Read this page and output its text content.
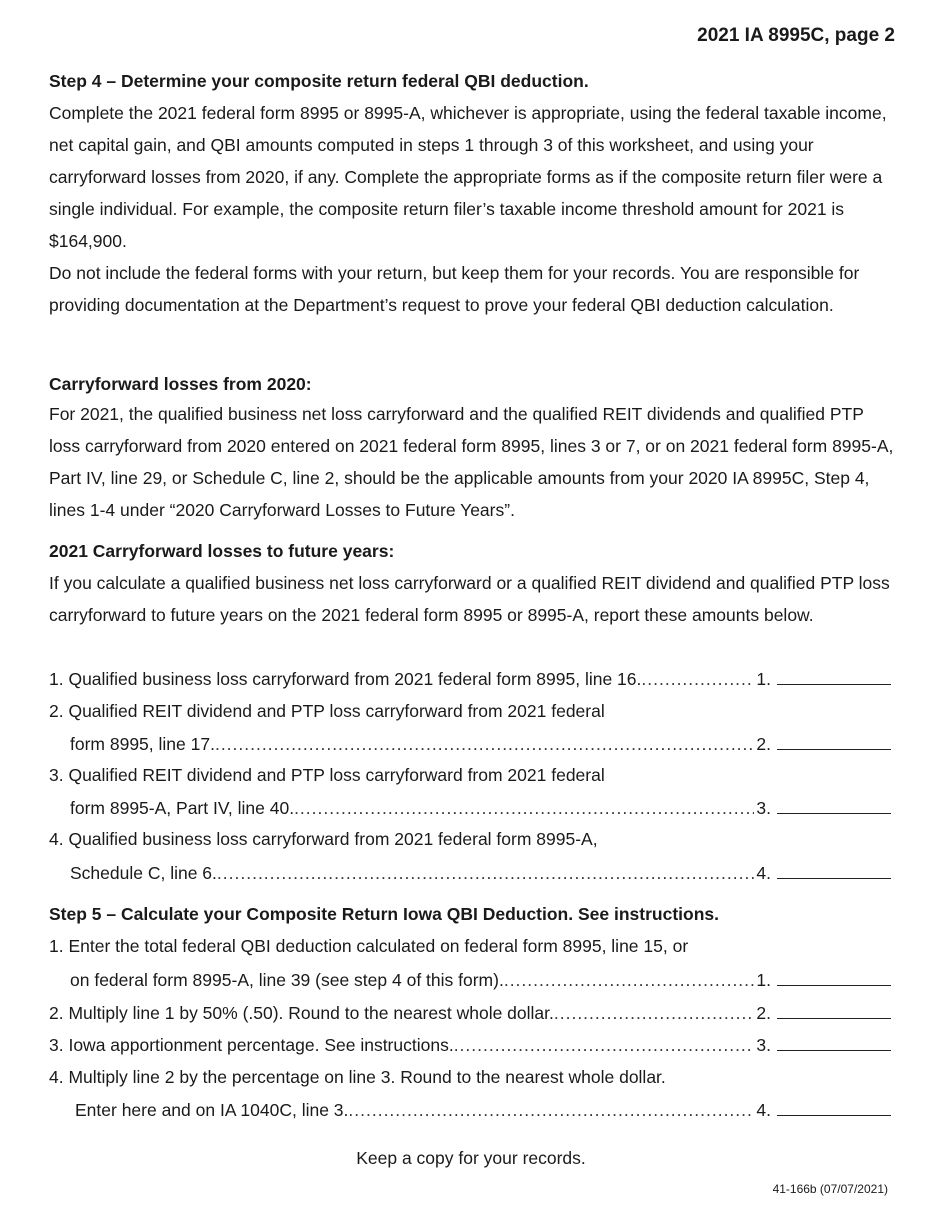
2021 IA 8995C, page 2
Step 4 – Determine your composite return federal QBI deduction.
Complete the 2021 federal form 8995 or 8995-A, whichever is appropriate, using the federal taxable income, net capital gain, and QBI amounts computed in steps 1 through 3 of this worksheet, and using your carryforward losses from 2020, if any. Complete the appropriate forms as if the composite return filer were a single individual. For example, the composite return filer’s taxable income threshold amount for 2021 is $164,900.
Do not include the federal forms with your return, but keep them for your records. You are responsible for providing documentation at the Department’s request to prove your federal QBI deduction calculation.
Carryforward losses from 2020:
For 2021, the qualified business net loss carryforward and the qualified REIT dividends and qualified PTP loss carryforward from 2020 entered on 2021 federal form 8995, lines 3 or 7, or on 2021 federal form 8995-A, Part IV, line 29, or Schedule C, line 2, should be the applicable amounts from your 2020 IA 8995C, Step 4, lines 1-4 under “2020 Carryforward Losses to Future Years”.
2021 Carryforward losses to future years:
If you calculate a qualified business net loss carryforward or a qualified REIT dividend and qualified PTP loss carryforward to future years on the 2021 federal form 8995 or 8995-A, report these amounts below.
1. Qualified business loss carryforward from 2021 federal form 8995, line 16. .....	1.
2. Qualified REIT dividend and PTP loss carryforward from 2021 federal
form 8995, line 17. .....	2.
3. Qualified REIT dividend and PTP loss carryforward from 2021 federal
form 8995-A, Part IV, line 40. .....	3.
4. Qualified business loss carryforward from 2021 federal form 8995-A,
Schedule C, line 6. .....	4.
Step 5 – Calculate your Composite Return Iowa QBI Deduction. See instructions.
1. Enter the total federal QBI deduction calculated on federal form 8995, line 15, or
on federal form 8995-A, line 39 (see step 4 of this form). .....	1.
2. Multiply line 1 by 50% (.50). Round to the nearest whole dollar. .....	2.
3. Iowa apportionment percentage. See instructions. .....	3.
4. Multiply line 2 by the percentage on line 3. Round to the nearest whole dollar.
Enter here and on IA 1040C, line 3. .....	4.
Keep a copy for your records.
41-166b (07/07/2021)
